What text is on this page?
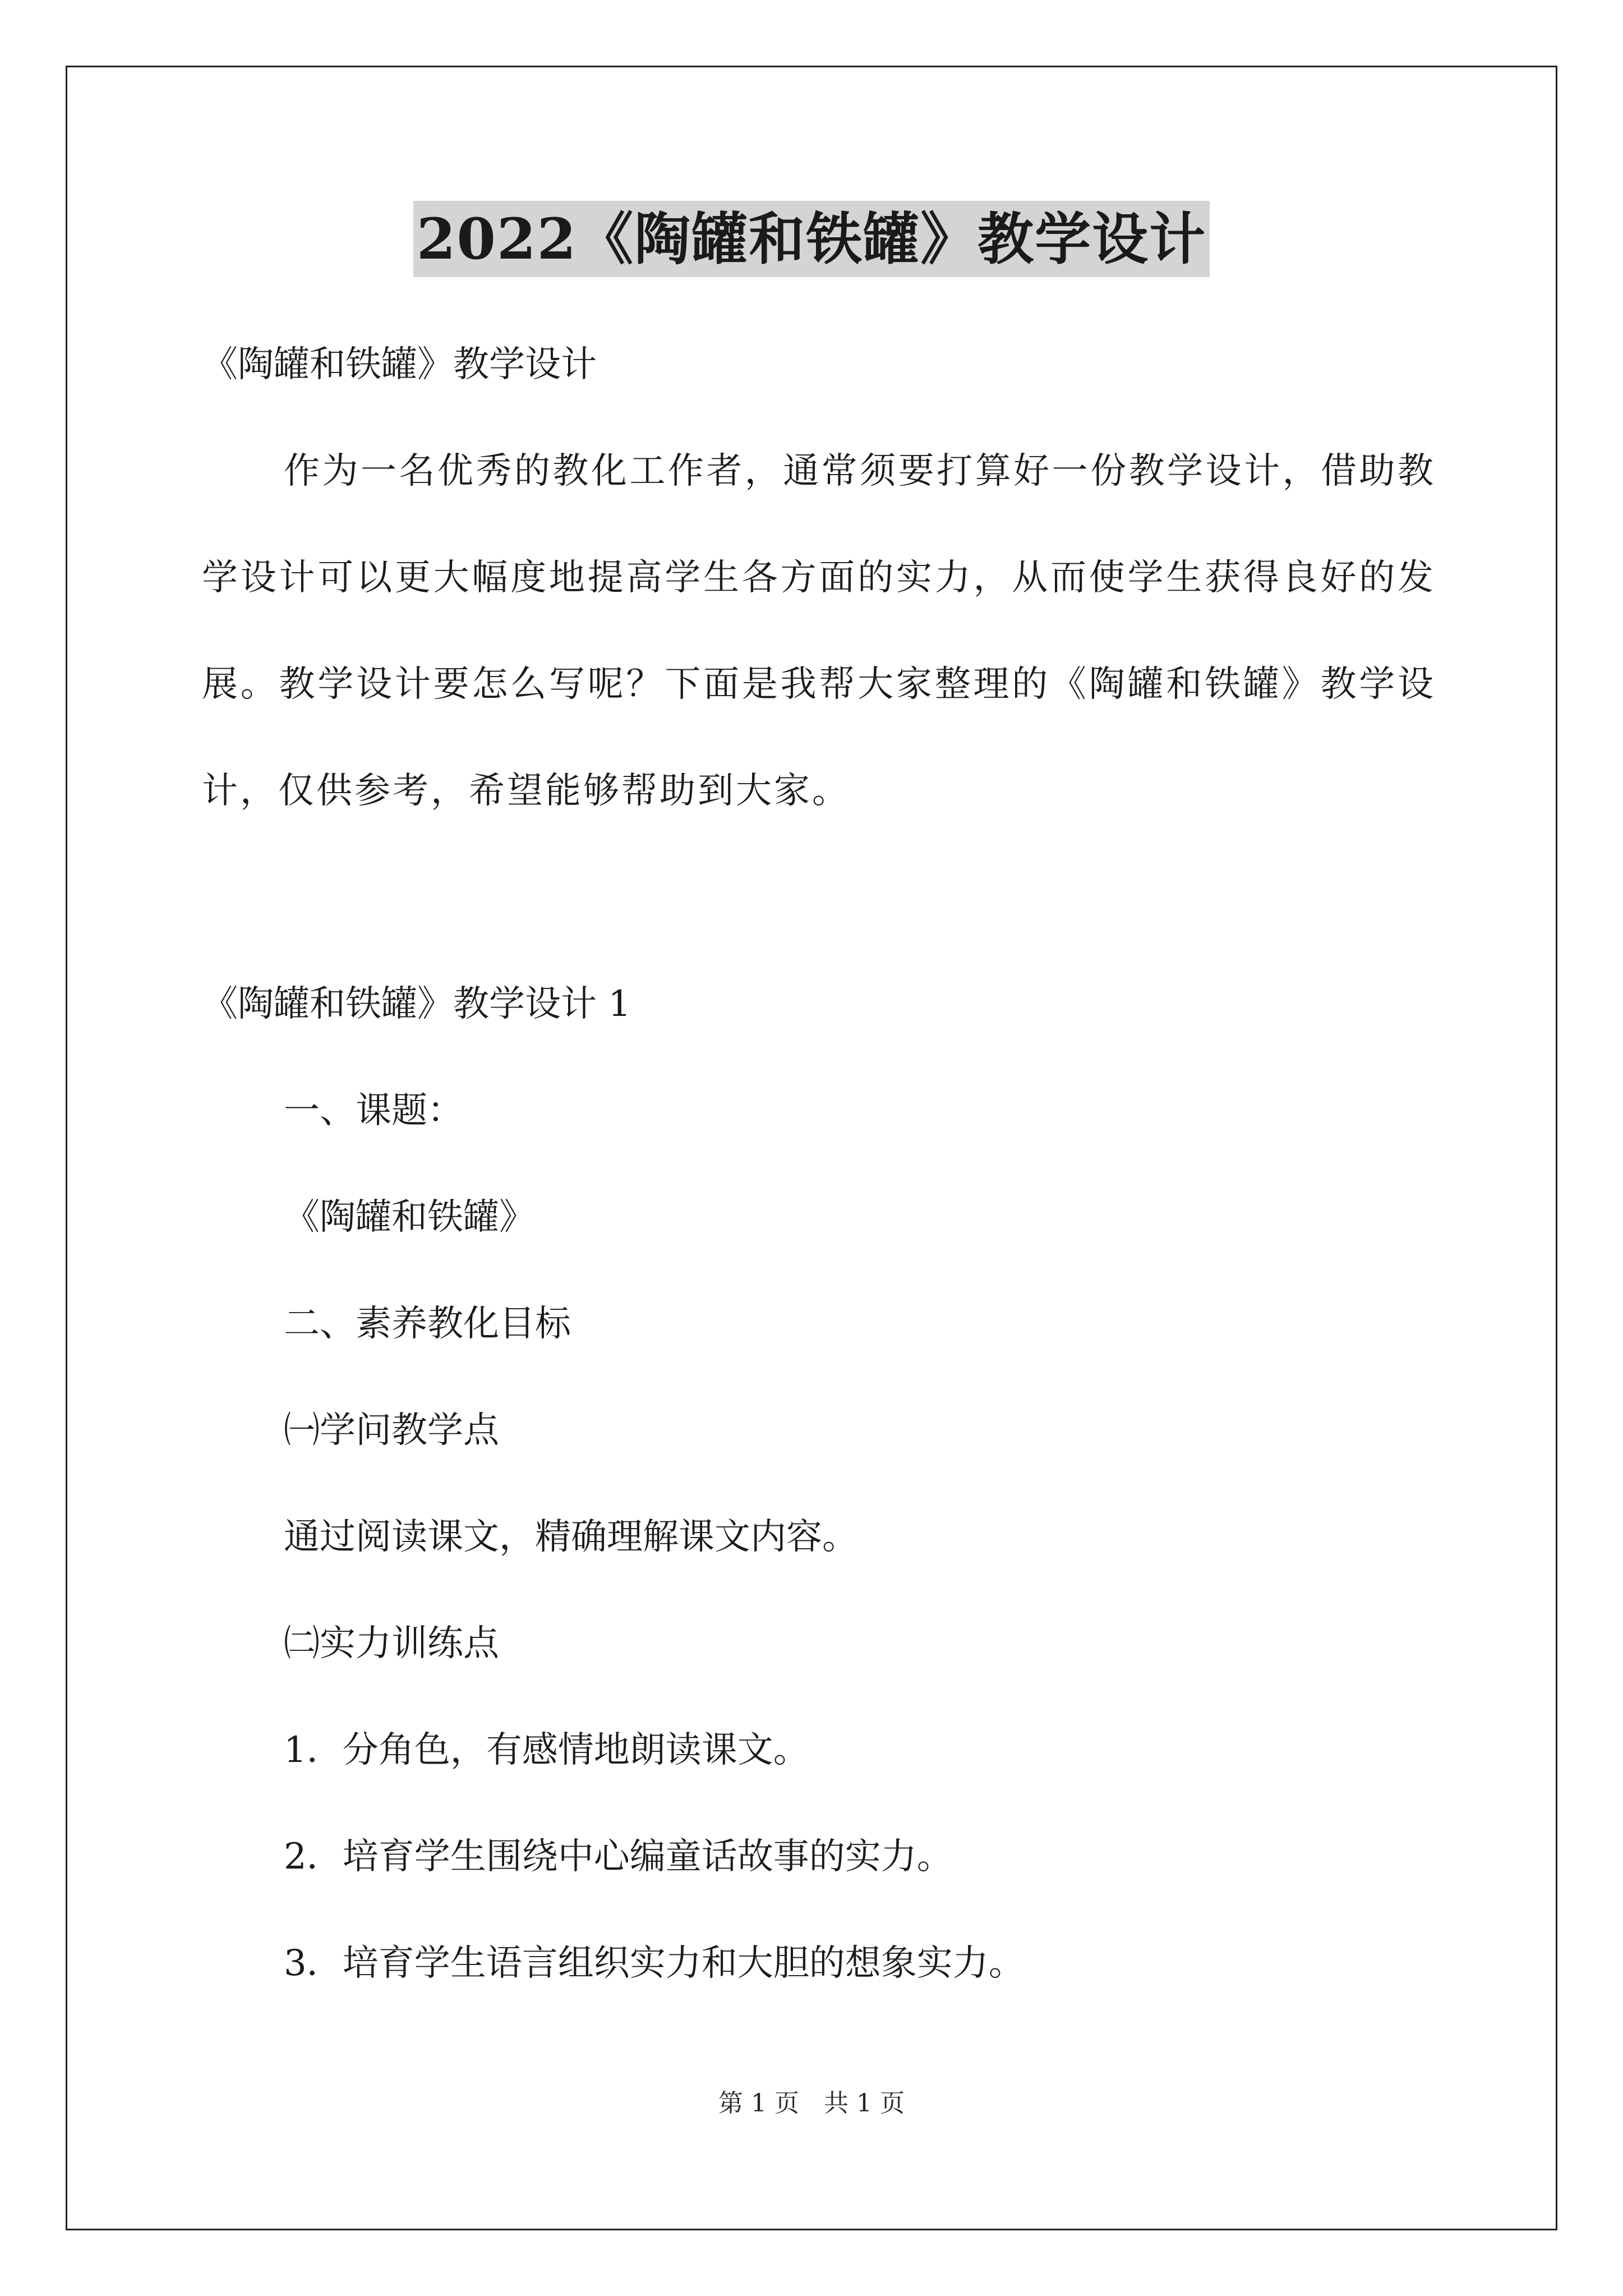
2022《陶罐和铁罐》教学设计

《陶罐和铁罐》教学设计

作为一名优秀的教化工作者，通常须要打算好一份教学设计，借助教学设计可以更大幅度地提高学生各方面的实力，从而使学生获得良好的发展。教学设计要怎么写呢？下面是我帮大家整理的《陶罐和铁罐》教学设计，仅供参考，希望能够帮助到大家。

《陶罐和铁罐》教学设计 1

一、课题：

《陶罐和铁罐》

二、素养教化目标

㈠学问教学点

通过阅读课文，精确理解课文内容。

㈡实力训练点

1．分角色，有感情地朗读课文。

2．培育学生围绕中心编童话故事的实力。

3．培育学生语言组织实力和大胆的想象实力。

第 1 页　共 1 页
